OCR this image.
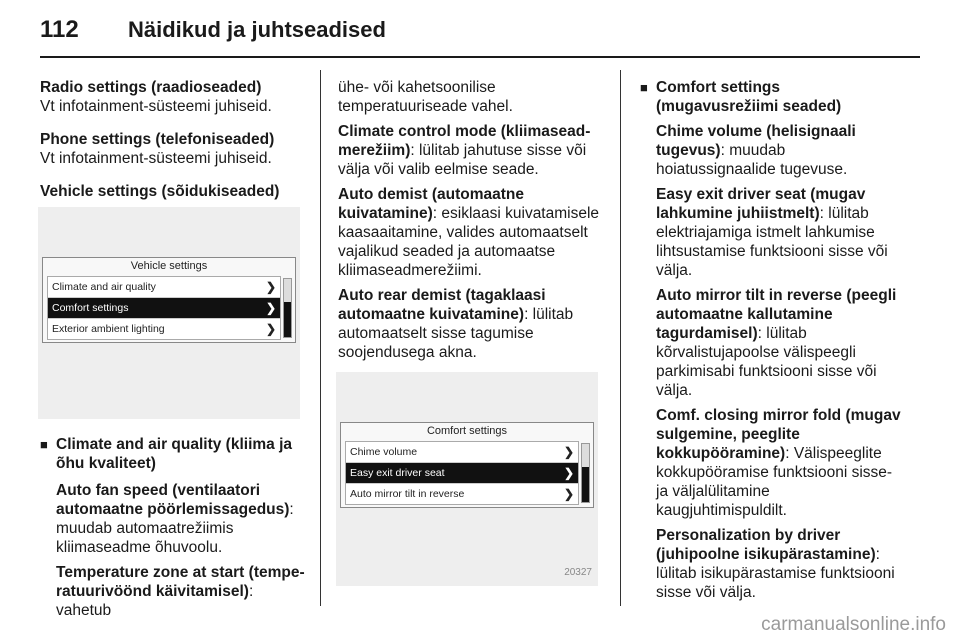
112	Näidikud ja juhtseadised
Radio settings (raadioseaded)
Vt infotainment-süsteemi juhiseid.
Phone settings (telefoniseaded)
Vt infotainment-süsteemi juhiseid.
Vehicle settings (sõidukiseaded)
Vehicle settings
Climate and air quality	❯
Comfort settings	❯
Exterior ambient lighting	❯
■ Climate and air quality (kliima ja õhu kvaliteet)
Auto fan speed (ventilaatori automaatne pöörlemissagedus): muudab automaatrežiimis kliimaseadme õhuvoolu.
Temperature zone at start (tempe-ratuurivöönd käivitamisel): vahetub
ühe- või kahetsoonilise temperatuuriseade vahel.
Climate control mode (kliimasead-merežiim): lülitab jahutuse sisse või välja või valib eelmise seade.
Auto demist (automaatne kuivatamine): esiklaasi kuivatamisele kaasaaitamine, valides automaatselt vajalikud seaded ja automaatse kliimaseadmerežiimi.
Auto rear demist (tagaklaasi automaatne kuivatamine): lülitab automaatselt sisse tagumise soojendusega akna.
Comfort settings
Chime volume	❯
Easy exit driver seat	❯
Auto mirror tilt in reverse	❯
20327
■ Comfort settings (mugavusrežiimi seaded)
Chime volume (helisignaali tugevus): muudab hoiatussignaalide tugevuse.
Easy exit driver seat (mugav lahkumine juhiistmelt): lülitab elektriajamiga istmelt lahkumise lihtsustamise funktsiooni sisse või välja.
Auto mirror tilt in reverse (peegli automaatne kallutamine tagurdamisel): lülitab kõrvalistujapoolse välispeegli parkimisabi funktsiooni sisse või välja.
Comf. closing mirror fold (mugav sulgemine, peeglite kokkupööramine): Välispeeglite kokkupööramise funktsiooni sisse- ja väljalülitamine kaugjuhtimispuldilt.
Personalization by driver (juhipoolne isikupärastamine): lülitab isikupärastamise funktsiooni sisse või välja.
carmanualsonline.info
